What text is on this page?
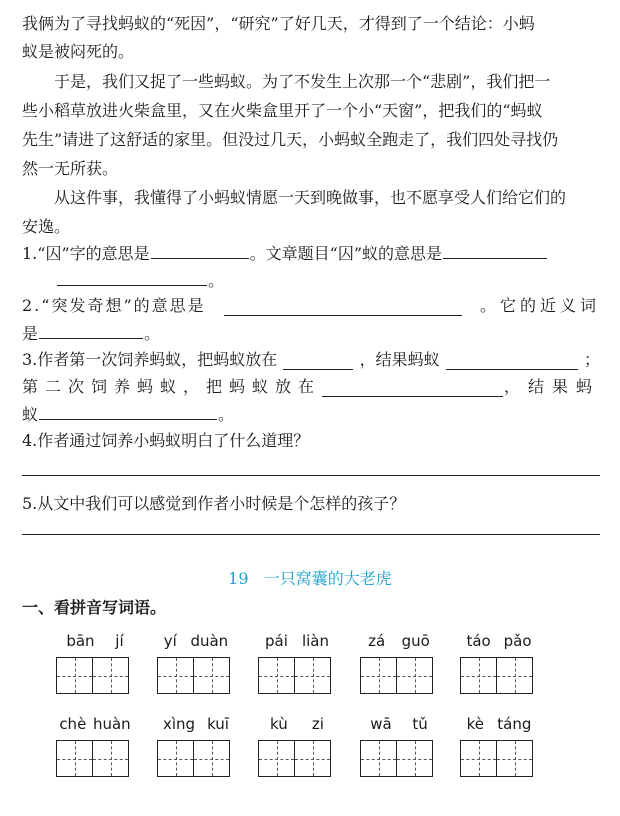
我俩为了寻找蚂蚁的“死因”，“研究”了好几天，才得到了一个结论：小蚂
蚁是被闷死的。
于是，我们又捉了一些蚂蚁。为了不发生上次那一个“悲剧”，我们把一
些小稻草放进火柴盒里，又在火柴盒里开了一个小“天窗”，把我们的“蚂蚁
先生”请进了这舒适的家里。但没过几天，小蚂蚁全跑走了，我们四处寻找仍
然一无所获。
从这件事，我懂得了小蚂蚁情愿一天到晚做事，也不愿享受人们给它们的
安逸。
1.“囚”字的意思是	。文章题目“囚”蚁的意思是
。
2.“突发奇想”的意思是	。它的近义词
是	。
3.作者第一次饲养蚂蚁，把蚂蚁放在	，结果蚂蚁	；
第二次饲养蚂蚁，把蚂蚁放在	，结果蚂
蚁	。
4.作者通过饲养小蚂蚁明白了什么道理？
5.从文中我们可以感觉到作者小时候是个怎样的孩子？
19 一只窝囊的大老虎
一、看拼音写词语。
bān jí	yí duàn pái liàn	zá guō táo pǎo
chè huàn xìng kuī	kù zi	wā tǔ	kè táng
